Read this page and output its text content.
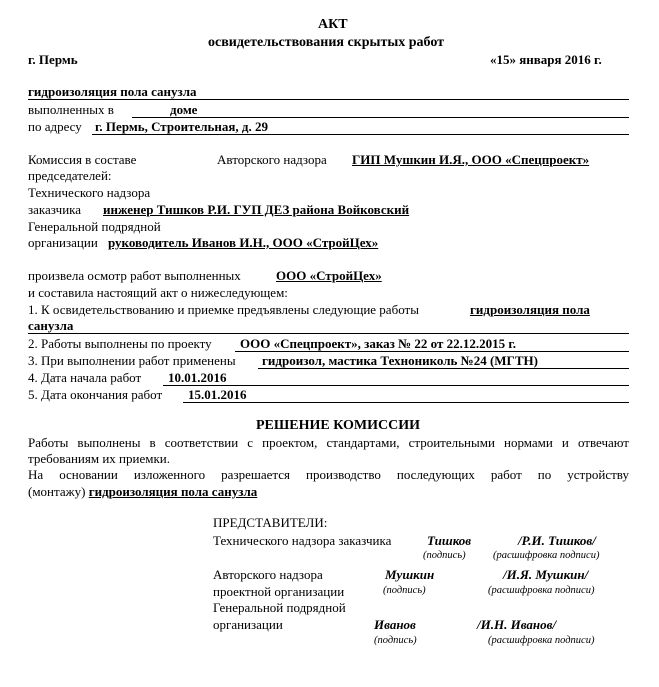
АКТ
освидетельствования скрытых работ
г. Пермь	«15» января 2016 г.
гидроизоляция пола санузла
выполненных в	доме
по адресу г. Пермь, Строительная, д. 29
Комиссия в составе	Авторского надзора ГИП Мушкин И.Я., ООО «Спецпроект»
председателей:
Технического надзора
заказчика инженер Тишков Р.И. ГУП ДЕЗ района Войковский
Генеральной подрядной
организации руководитель Иванов И.Н., ООО «СтройЦех»
произвела осмотр работ выполненных	ООО «СтройЦех»
и составила настоящий акт о нижеследующем:
1. К освидетельствованию и приемке предъявлены следующие работы	гидроизоляция пола
санузла
2. Работы выполнены по проекту ООО «Спецпроект», заказ № 22 от 22.12.2015 г.
3. При выполнении работ применены гидроизол, мастика Технониколь №24 (МГТН)
4. Дата начала работ 10.01.2016
5. Дата окончания работ 15.01.2016
РЕШЕНИЕ КОМИССИИ
Работы выполнены в соответствии с проектом, стандартами, строительными нормами и отвечают
требованиям их приемки.
На основании изложенного разрешается производство последующих работ по устройству
(монтажу) гидроизоляция пола санузла
ПРЕДСТАВИТЕЛИ:
Технического надзора заказчика	Тишков	/Р.И. Тишков/
(подпись)	(расшифровка подписи)
Авторского надзора	Мушкин	/И.Я. Мушкин/
проектной организации	(подпись)	(расшифровка подписи)
Генеральной подрядной
организации	Иванов	/И.Н. Иванов/
(подпись)	(расшифровка подписи)
